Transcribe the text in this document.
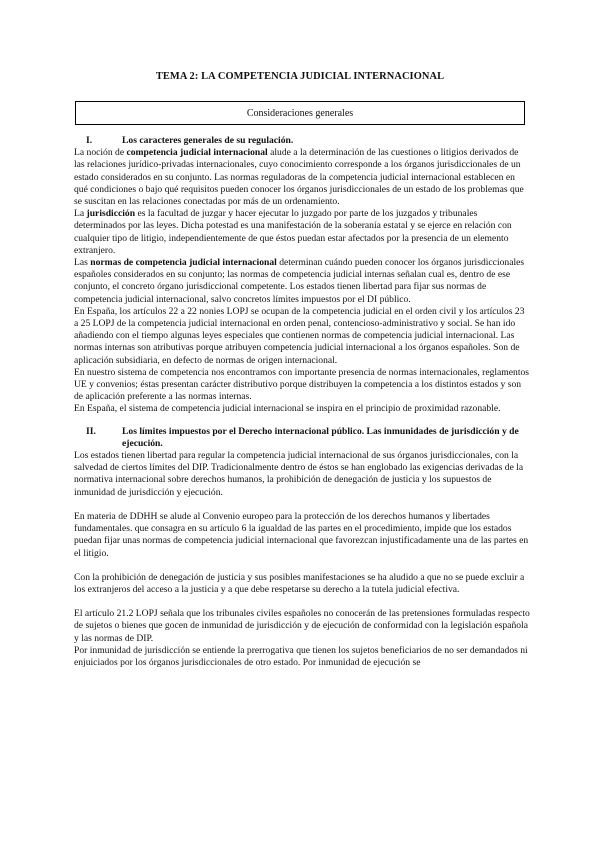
TEMA 2: LA COMPETENCIA JUDICIAL INTERNACIONAL
Consideraciones generales
I.	Los caracteres generales de su regulación.

La noción de competencia judicial internacional alude a la determinación de las cuestiones o litigios derivados de las relaciones jurídico-privadas internacionales, cuyo conocimiento corresponde a los órganos jurisdiccionales de un estado considerados en su conjunto. Las normas reguladoras de la competencia judicial internacional establecen en qué condiciones o bajo qué requisitos pueden conocer los órganos jurisdiccionales de un estado de los problemas que se suscitan en las relaciones conectadas por más de un ordenamiento.

La jurisdicción es la facultad de juzgar y hacer ejecutar lo juzgado por parte de los juzgados y tribunales determinados por las leyes. Dicha potestad es una manifestación de la soberanía estatal y se ejerce en relación con cualquier tipo de litigio, independientemente de que éstos puedan estar afectados por la presencia de un elemento extranjero.

Las normas de competencia judicial internacional determinan cuándo pueden conocer los órganos jurisdiccionales españoles considerados en su conjunto; las normas de competencia judicial internas señalan cual es, dentro de ese conjunto, el concreto órgano jurisdiccional competente. Los estados tienen libertad para fijar sus normas de competencia judicial internacional, salvo concretos límites impuestos por el DI público.

En España, los artículos 22 a 22 nonies LOPJ se ocupan de la competencia judicial en el orden civil y los artículos 23 a 25 LOPJ de la competencia judicial internacional en orden penal, contencioso-administrativo y social. Se han ido añadiendo con el tiempo algunas leyes especiales que contienen normas de competencia judicial internacional. Las normas internas son atributivas porque atribuyen competencia judicial internacional a los órganos españoles. Son de aplicación subsidiaria, en defecto de normas de origen internacional.

En nuestro sistema de competencia nos encontramos con importante presencia de normas internacionales, reglamentos UE y convenios; éstas presentan carácter distributivo porque distribuyen la competencia a los distintos estados y son de aplicación preferente a las normas internas.

En España, el sistema de competencia judicial internacional se inspira en el principio de proximidad razonable.

II.	Los límites impuestos por el Derecho internacional público. Las inmunidades de jurisdicción y de ejecución.

Los estados tienen libertad para regular la competencia judicial internacional de sus órganos jurisdiccionales, con la salvedad de ciertos límites del DIP. Tradicionalmente dentro de éstos se han englobado las exigencias derivadas de la normativa internacional sobre derechos humanos, la prohibición de denegación de justicia y los supuestos de inmunidad de jurisdicción y ejecución.

En materia de DDHH se alude al Convenio europeo para la protección de los derechos humanos y libertades fundamentales. que consagra en su artículo 6 la igualdad de las partes en el procedimiento, impide que los estados puedan fijar unas normas de competencia judicial internacional que favorezcan injustificadamente una de las partes en el litigio.

Con la prohibición de denegación de justicia y sus posibles manifestaciones se ha aludido a que no se puede excluir a los extranjeros del acceso a la justicia y a que debe respetarse su derecho a la tutela judicial efectiva.

El artículo 21.2 LOPJ señala que los tribunales civiles españoles no conocerán de las pretensiones formuladas respecto de sujetos o bienes que gocen de inmunidad de jurisdicción y de ejecución de conformidad con la legislación española y las normas de DIP.

Por inmunidad de jurisdicción se entiende la prerrogativa que tienen los sujetos beneficiarios de no ser demandados ni enjuiciados por los órganos jurisdiccionales de otro estado. Por inmunidad de ejecución se
